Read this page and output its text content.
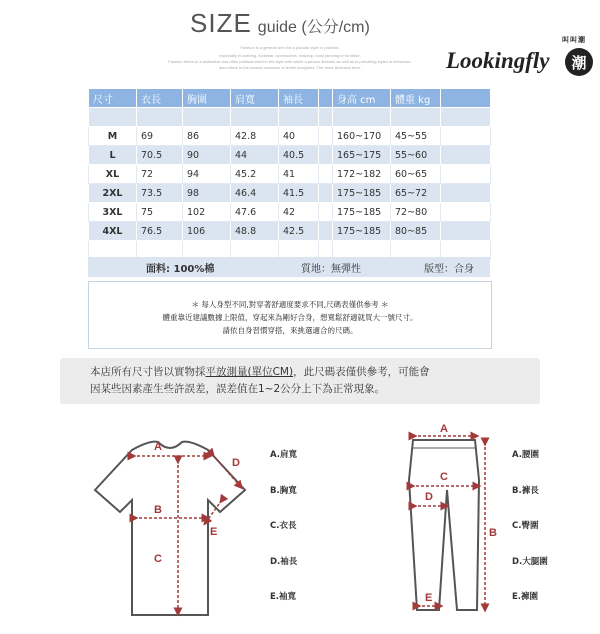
SIZE guide (公分/cm)
Fashion is a general term for a popular style or practice,
especially in clothing, footwear, accessories, makeup, body piercing or furniture.
Fashion refers to a distinctive and often habitual trend in the style with which a person dresses as well as to prevailing styles in behaviour.
also refers to the newest creations of textile designers. The more technical term,	Lookingfly
叫叫潮
潮
尺寸	衣長	胸圍	肩寬	袖長		身高 cm	體重 kg	

M	69	86	42.8	40		160~170	45~55	
L	70.5	90	44	40.5		165~175	55~60	
XL	72	94	45.2	41		172~182	60~65	
2XL	73.5	98	46.4	41.5		175~185	65~72	
3XL	75	102	47.6	42		175~185	72~80	
4XL	76.5	106	48.8	42.5		175~185	80~85	

面料: 100%棉	質地：無彈性	版型：合身
＊ 每人身型不同,對穿著舒適度要求不同,尺碼表僅供參考 ＊
體重靠近建議數據上限值，穿起來為剛好合身，想寬鬆舒適就買大一號尺寸。
請依自身習慣穿搭，來挑選適合的尺碼。
本店所有尺寸皆以實物採平放測量(單位CM)，此尺碼表僅供參考，可能會
因某些因素產生些許誤差，誤差值在1~2公分上下為正常現象。
A
B
C
D
E
A.肩寬
B.胸寬
C.衣長
D.袖長
E.袖寬
A
B
C
D
E
A.腰圍
B.褲長
C.臀圍
D.大腿圍
E.褲圍
